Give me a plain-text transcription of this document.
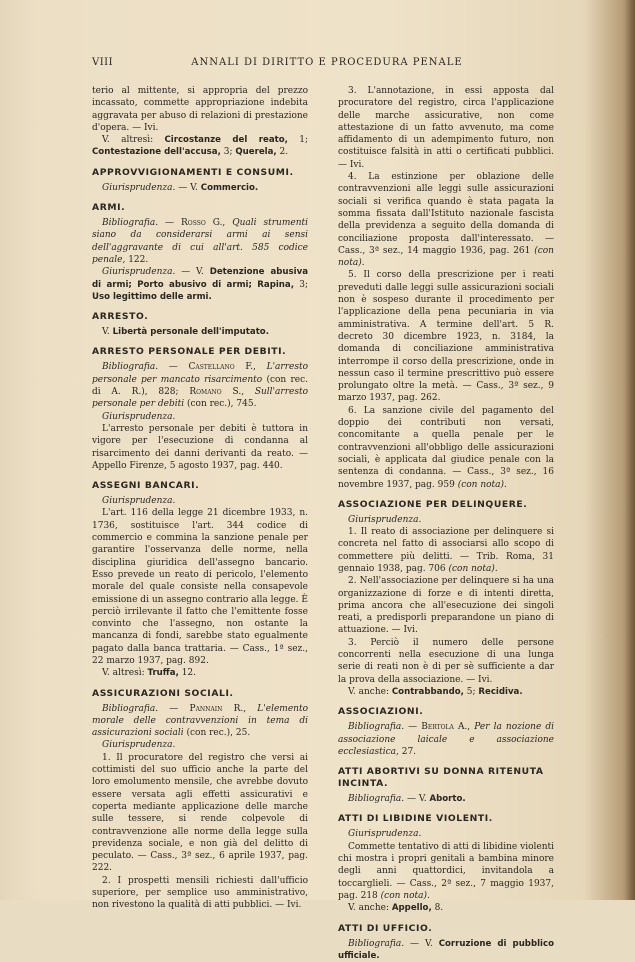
VIII	ANNALI DI DIRITTO E PROCEDURA PENALE

terio al mittente, si appropria del prezzo incassato, commette appropriazione indebita aggravata per abuso di relazioni di prestazione d'opera. — Ivi.

V. altresì: Circostanze del reato, 1; Contestazione dell'accusa, 3; Querela, 2.

APPROVVIGIONAMENTI E CONSUMI.

Giurisprudenza. — V. Commercio.

ARMI.

Bibliografia. — Rosso G., Quali strumenti siano da considerarsi armi ai sensi dell'aggravante di cui all'art. 585 codice penale, 122.

Giurisprudenza. — V. Detenzione abusiva di armi; Porto abusivo di armi; Rapina, 3; Uso legittimo delle armi.

ARRESTO.

V. Libertà personale dell'imputato.

ARRESTO PERSONALE PER DEBITI.

Bibliografia. — Castellano F., L'arresto personale per mancato risarcimento (con rec. di A. R.), 828; Romano S., Sull'arresto personale per debiti (con rec.), 745.

Giurisprudenza.

L'arresto personale per debiti è tuttora in vigore per l'esecuzione di condanna al risarcimento dei danni derivanti da reato. — Appello Firenze, 5 agosto 1937, pag. 440.

ASSEGNI BANCARI.

Giurisprudenza.

L'art. 116 della legge 21 dicembre 1933, n. 1736, sostituisce l'art. 344 codice di commercio e commina la sanzione penale per garantire l'osservanza delle norme, nella disciplina giuridica dell'assegno bancario. Esso prevede un reato di pericolo, l'elemento morale del quale consiste nella consapevole emissione di un assegno contrario alla legge. È perciò irrilevante il fatto che l'emittente fosse convinto che l'assegno, non ostante la mancanza di fondi, sarebbe stato egualmente pagato dalla banca trattaria. — Cass., 1ª sez., 22 marzo 1937, pag. 892.

V. altresì: Truffa, 12.

ASSICURAZIONI SOCIALI.

Bibliografia. — Pannain R., L'elemento morale delle contravvenzioni in tema di assicurazioni sociali (con rec.), 25.

Giurisprudenza.

1. Il procuratore del registro che versi ai cottimisti del suo ufficio anche la parte del loro emolumento mensile, che avrebbe dovuto essere versata agli effetti assicurativi e coperta mediante applicazione delle marche sulle tessere, si rende colpevole di contravvenzione alle norme della legge sulla previdenza sociale, e non già del delitto di peculato. — Cass., 3ª sez., 6 aprile 1937, pag. 222.

2. I prospetti mensili richiesti dall'ufficio superiore, per semplice uso amministrativo, non rivestono la qualità di atti pubblici. — Ivi.

3. L'annotazione, in essi apposta dal procuratore del registro, circa l'applicazione delle marche assicurative, non come attestazione di un fatto avvenuto, ma come affidamento di un adempimento futuro, non costituisce falsità in atti o certificati pubblici. — Ivi.

4. La estinzione per oblazione delle contravvenzioni alle leggi sulle assicurazioni sociali si verifica quando è stata pagata la somma fissata dall'Istituto nazionale fascista della previdenza a seguito della domanda di conciliazione proposta dall'interessato. — Cass., 3ª sez., 14 maggio 1936, pag. 261 (con nota).

5. Il corso della prescrizione per i reati preveduti dalle leggi sulle assicurazioni sociali non è sospeso durante il procedimento per l'applicazione della pena pecuniaria in via amministrativa. A termine dell'art. 5 R. decreto 30 dicembre 1923, n. 3184, la domanda di conciliazione amministrativa interrompe il corso della prescrizione, onde in nessun caso il termine prescrittivo può essere prolungato oltre la metà. — Cass., 3ª sez., 9 marzo 1937, pag. 262.

6. La sanzione civile del pagamento del doppio dei contributi non versati, concomitante a quella penale per le contravvenzioni all'obbligo delle assicurazioni sociali, è applicata dal giudice penale con la sentenza di condanna. — Cass., 3ª sez., 16 novembre 1937, pag. 959 (con nota).

ASSOCIAZIONE PER DELINQUERE.

Giurisprudenza.

1. Il reato di associazione per delinquere si concreta nel fatto di associarsi allo scopo di commettere più delitti. — Trib. Roma, 31 gennaio 1938, pag. 706 (con nota).

2. Nell'associazione per delinquere si ha una organizzazione di forze e di intenti diretta, prima ancora che all'esecuzione dei singoli reati, a predisporli preparandone un piano di attuazione. — Ivi.

3. Perciò il numero delle persone concorrenti nella esecuzione di una lunga serie di reati non è di per sè sufficiente a dar la prova della associazione. — Ivi.

V. anche: Contrabbando, 5; Recidiva.

ASSOCIAZIONI.

Bibliografia. — Bertola A., Per la nozione di associazione laicale e associazione ecclesiastica, 27.

ATTI ABORTIVI SU DONNA RITENUTA INCINTA.

Bibliografia. — V. Aborto.

ATTI DI LIBIDINE VIOLENTI.

Giurisprudenza.

Commette tentativo di atti di libidine violenti chi mostra i propri genitali a bambina minore degli anni quattordici, invitandola a toccarglieli. — Cass., 2ª sez., 7 maggio 1937, pag. 218 (con nota).

V. anche: Appello, 8.

ATTI DI UFFICIO.

Bibliografia. — V. Corruzione di pubblico ufficiale.
